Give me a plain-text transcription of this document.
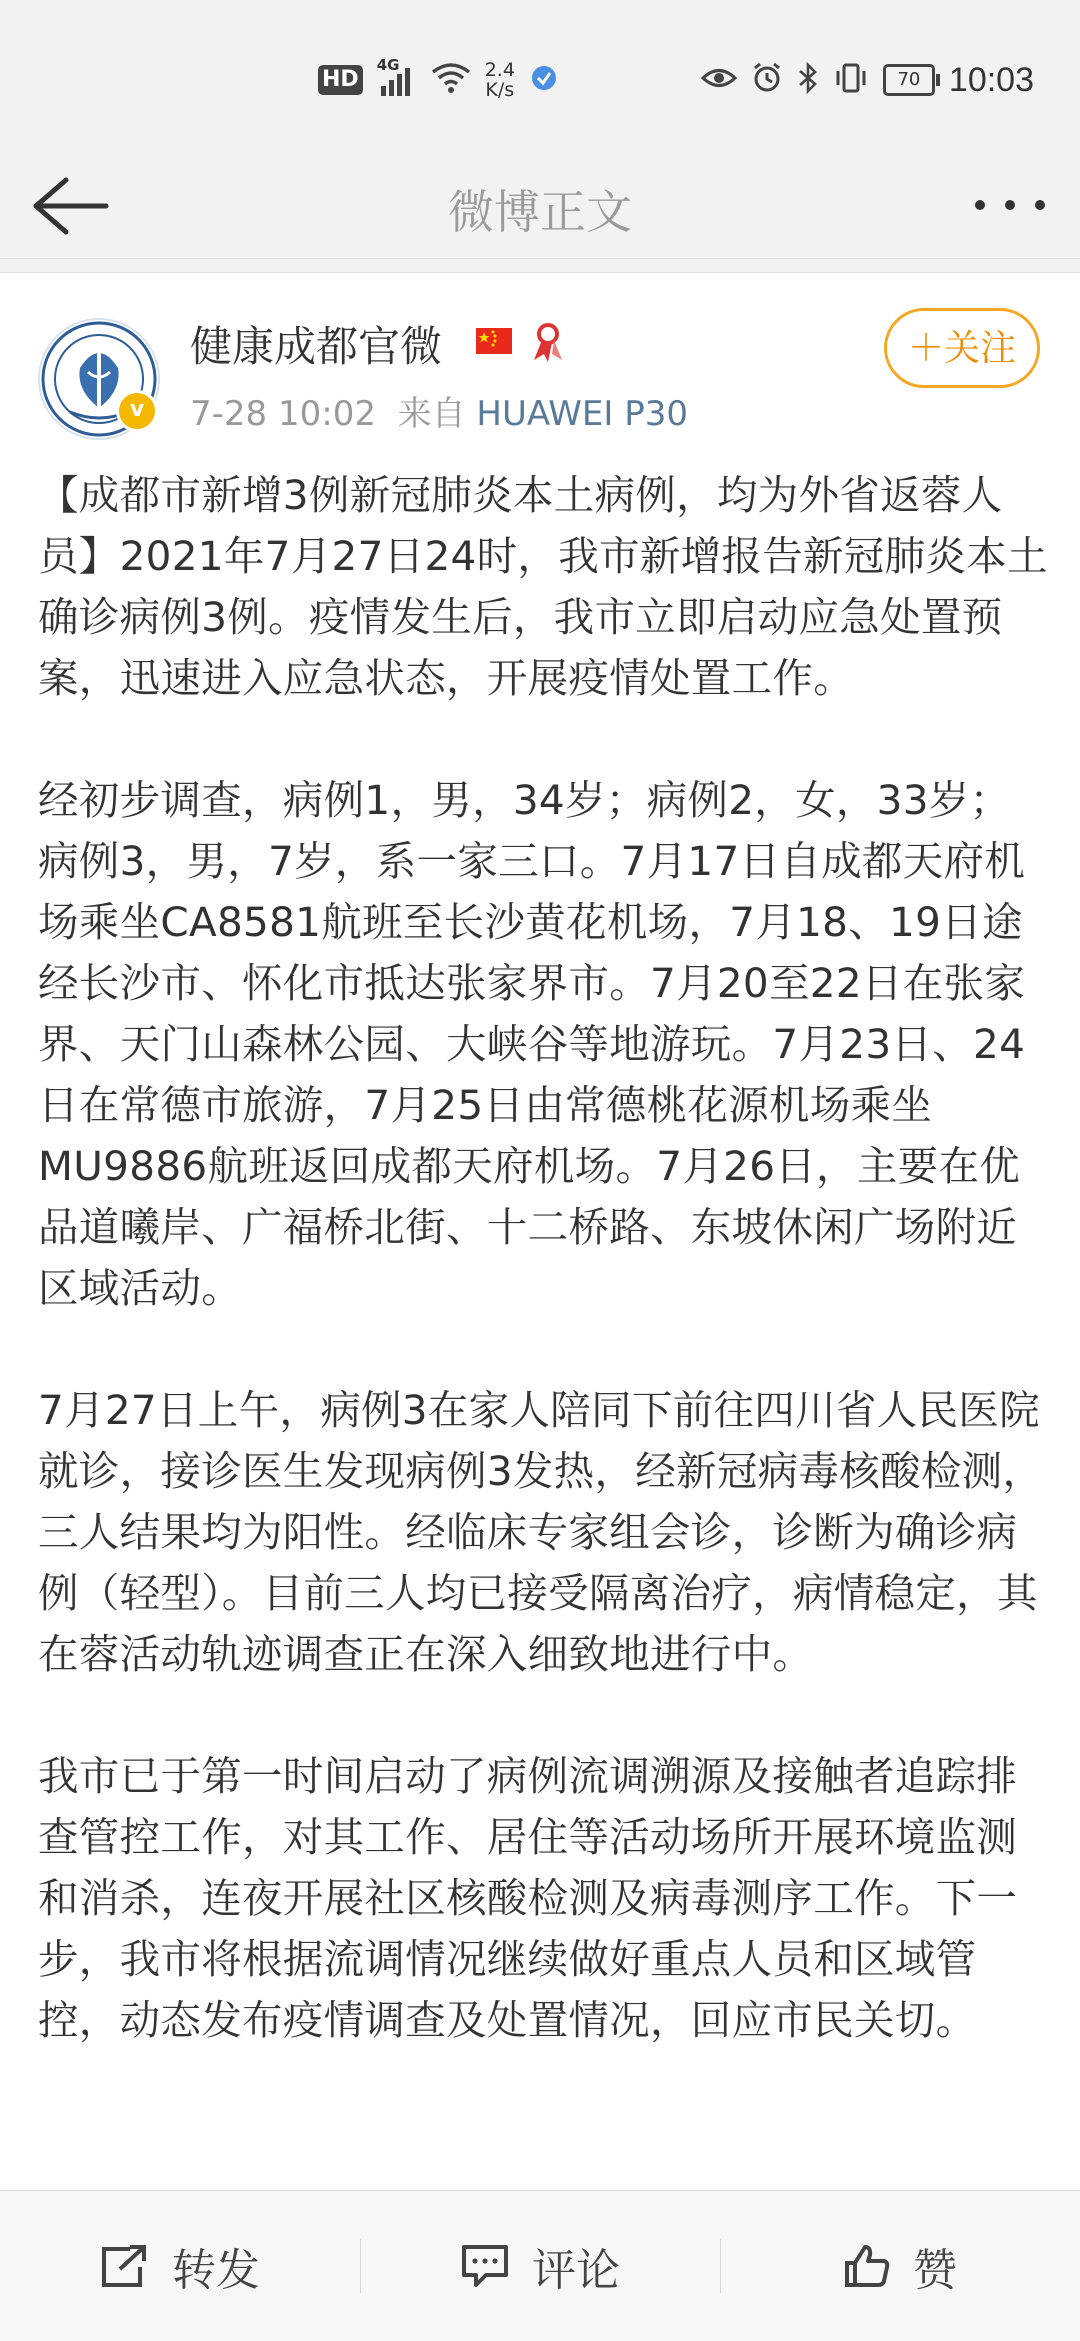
HD
4G	2.4
K/s	70 10:03
微博正文
v
健康成都官微
7-28 10:02 来自 HUAWEI P30
＋关注

【成都市新增3例新冠肺炎本土病例，均为外省返蓉人员】2021年7月27日24时，我市新增报告新冠肺炎本土确诊病例3例。疫情发生后，我市立即启动应急处置预案，迅速进入应急状态，开展疫情处置工作。

经初步调查，病例1，男，34岁；病例2，女，33岁；病例3，男，7岁，系一家三口。7月17日自成都天府机场乘坐CA8581航班至长沙黄花机场，7月18、19日途经长沙市、怀化市抵达张家界市。7月20至22日在张家界、天门山森林公园、大峡谷等地游玩。7月23日、24日在常德市旅游，7月25日由常德桃花源机场乘坐MU9886航班返回成都天府机场。7月26日，主要在优品道曦岸、广福桥北街、十二桥路、东坡休闲广场附近区域活动。

7月27日上午，病例3在家人陪同下前往四川省人民医院就诊，接诊医生发现病例3发热，经新冠病毒核酸检测，三人结果均为阳性。经临床专家组会诊，诊断为确诊病例（轻型）。目前三人均已接受隔离治疗，病情稳定，其在蓉活动轨迹调查正在深入细致地进行中。

我市已于第一时间启动了病例流调溯源及接触者追踪排查管控工作，对其工作、居住等活动场所开展环境监测和消杀，连夜开展社区核酸检测及病毒测序工作。下一步，我市将根据流调情况继续做好重点人员和区域管控，动态发布疫情调查及处置情况，回应市民关切。

转发	评论	赞
